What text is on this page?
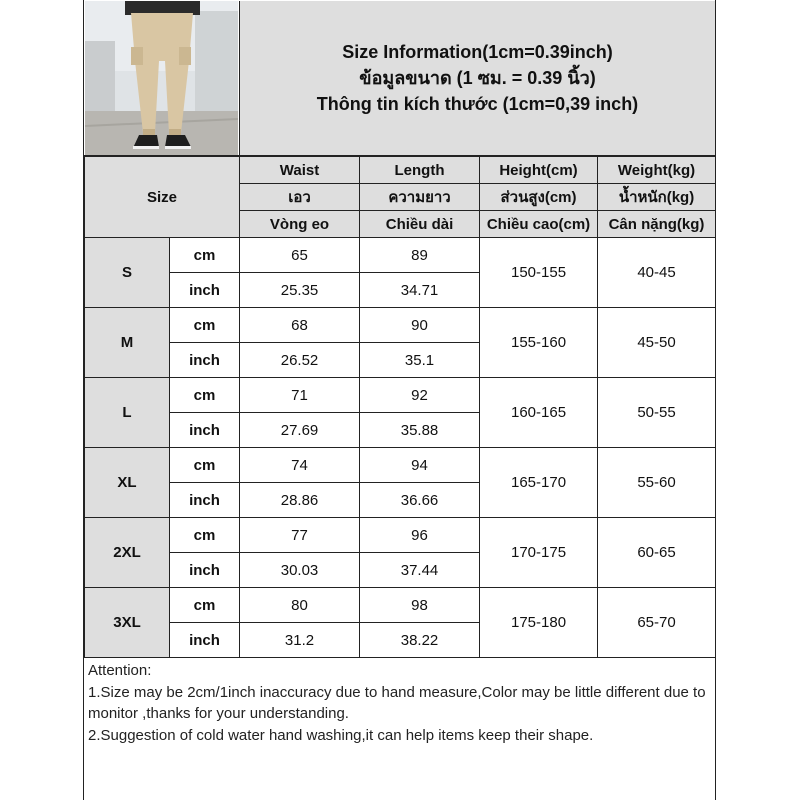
Size Information(1cm=0.39inch)
ข้อมูลขนาด (1 ซม. = 0.39 นิ้ว)
Thông tin kích thước (1cm=0,39 inch)
Size		Waist	Length	Height(cm)	Weight(kg)
		เอว	ความยาว	ส่วนสูง(cm)	น้ำหนัก(kg)
		Vòng eo	Chiều dài	Chiều cao(cm)	Cân nặng(kg)
S	cm	65	89	150-155	40-45
	inch	25.35	34.71		
M	cm	68	90	155-160	45-50
	inch	26.52	35.1		
L	cm	71	92	160-165	50-55
	inch	27.69	35.88		
XL	cm	74	94	165-170	55-60
	inch	28.86	36.66		
2XL	cm	77	96	170-175	60-65
	inch	30.03	37.44		
3XL	cm	80	98	175-180	65-70
	inch	31.2	38.22		
Attention:
1.Size may be 2cm/1inch inaccuracy due to hand measure,Color may be little different due to monitor ,thanks for your understanding.
2.Suggestion of cold water hand washing,it can help items keep their shape.
